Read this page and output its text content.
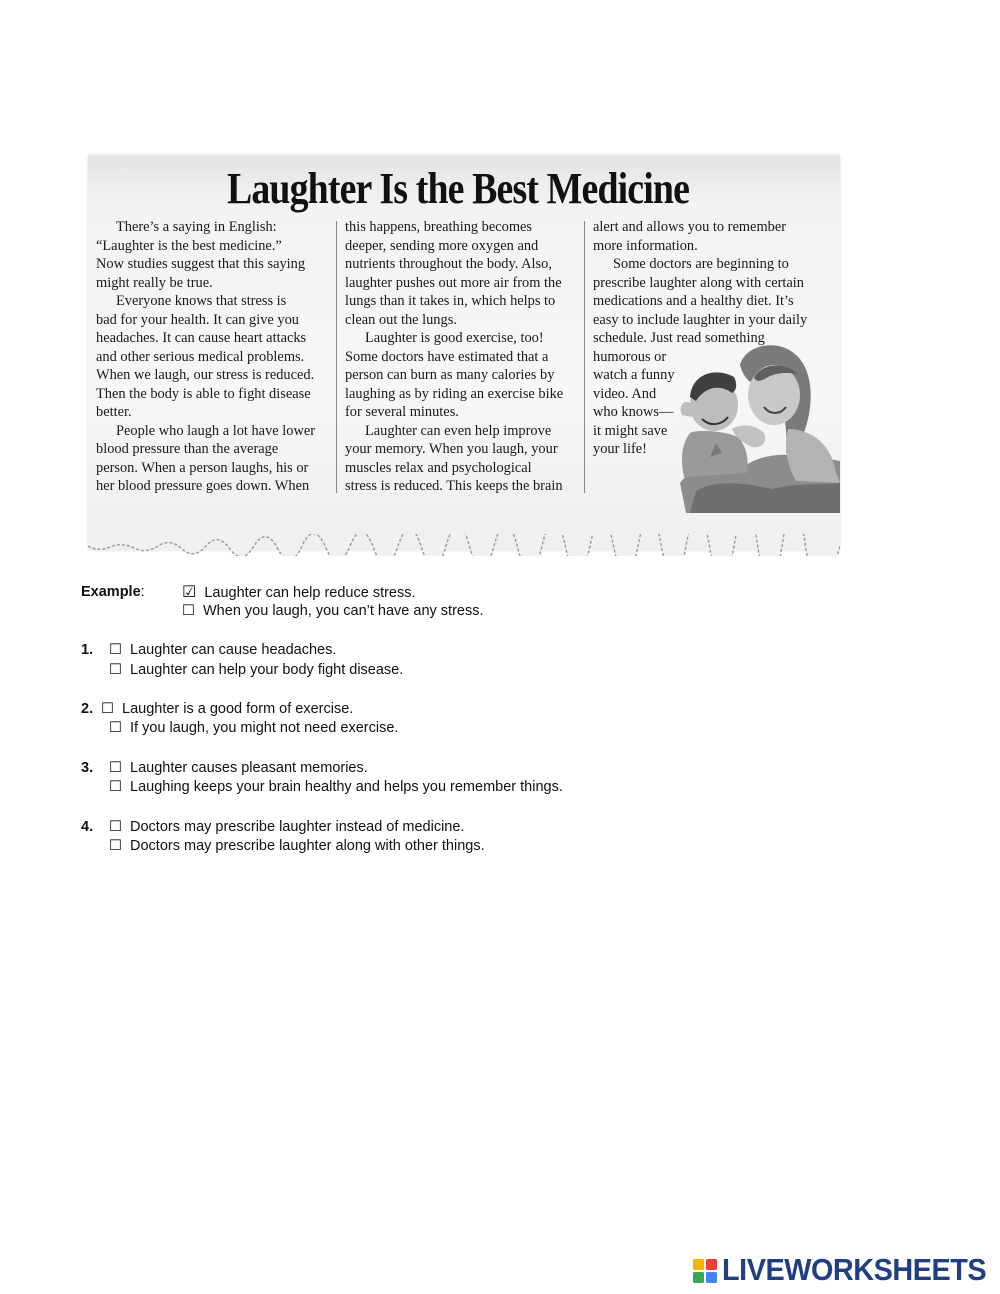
Laughter Is the Best Medicine

There’s a saying in English:

“Laughter is the best medicine.”

Now studies suggest that this saying

might really be true.

Everyone knows that stress is

bad for your health. It can give you

headaches. It can cause heart attacks

and other serious medical problems.

When we laugh, our stress is reduced.

Then the body is able to fight disease

better.

People who laugh a lot have lower

blood pressure than the average

person. When a person laughs, his or

her blood pressure goes down. When

this happens, breathing becomes

deeper, sending more oxygen and

nutrients throughout the body. Also,

laughter pushes out more air from the

lungs than it takes in, which helps to

clean out the lungs.

Laughter is good exercise, too!

Some doctors have estimated that a

person can burn as many calories by

laughing as by riding an exercise bike

for several minutes.

Laughter can even help improve

your memory. When you laugh, your

muscles relax and psychological

stress is reduced. This keeps the brain

alert and allows you to remember

more information.

Some doctors are beginning to

prescribe laughter along with certain

medications and a healthy diet. It’s

easy to include laughter in your daily

schedule. Just read something

humorous or

watch a funny

video. And

who knows—

it might save

your life!

Example: ☑ Laughter can help reduce stress.
☐ When you laugh, you can’t have any stress.
1. ☐ Laughter can cause headaches.
☐ Laughter can help your body fight disease.
2. ☐ Laughter is a good form of exercise.
☐ If you laugh, you might not need exercise.
3. ☐ Laughter causes pleasant memories.
☐ Laughing keeps your brain healthy and helps you remember things.
4. ☐ Doctors may prescribe laughter instead of medicine.
☐ Doctors may prescribe laughter along with other things.
LIVEWORKSHEETS
